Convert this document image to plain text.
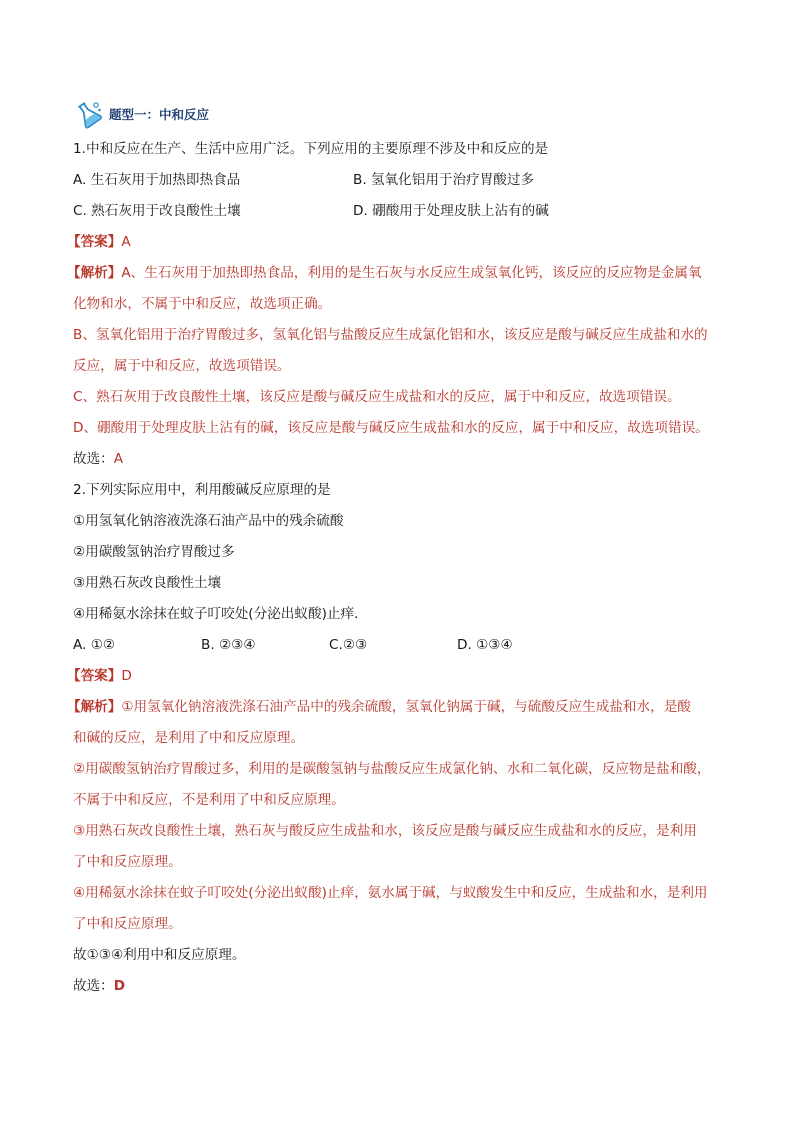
题型一：中和反应
1.中和反应在生产、生活中应用广泛。下列应用的主要原理不涉及中和反应的是
A. 生石灰用于加热即热食品	B. 氢氧化铝用于治疗胃酸过多
C. 熟石灰用于改良酸性土壤	D. 硼酸用于处理皮肤上沾有的碱
【答案】A
【解析】A、生石灰用于加热即热食品，利用的是生石灰与水反应生成氢氧化钙，该反应的反应物是金属氧
化物和水，不属于中和反应，故选项正确。
B、氢氧化铝用于治疗胃酸过多，氢氧化铝与盐酸反应生成氯化铝和水，该反应是酸与碱反应生成盐和水的
反应，属于中和反应，故选项错误。
C、熟石灰用于改良酸性土壤，该反应是酸与碱反应生成盐和水的反应，属于中和反应，故选项错误。
D、硼酸用于处理皮肤上沾有的碱，该反应是酸与碱反应生成盐和水的反应，属于中和反应，故选项错误。
故选：A
2.下列实际应用中，利用酸碱反应原理的是
①用氢氧化钠溶液洗涤石油产品中的残余硫酸
②用碳酸氢钠治疗胃酸过多
③用熟石灰改良酸性土壤
④用稀氨水涂抹在蚊子叮咬处(分泌出蚁酸)止痒．
A. ①②	B. ②③④	C.②③	D. ①③④
【答案】D
【解析】①用氢氧化钠溶液洗涤石油产品中的残余硫酸，氢氧化钠属于碱，与硫酸反应生成盐和水，是酸
和碱的反应，是利用了中和反应原理。
②用碳酸氢钠治疗胃酸过多，利用的是碳酸氢钠与盐酸反应生成氯化钠、水和二氧化碳，反应物是盐和酸，
不属于中和反应，不是利用了中和反应原理。
③用熟石灰改良酸性土壤，熟石灰与酸反应生成盐和水，该反应是酸与碱反应生成盐和水的反应，是利用
了中和反应原理。
④用稀氨水涂抹在蚊子叮咬处(分泌出蚁酸)止痒，氨水属于碱，与蚁酸发生中和反应，生成盐和水，是利用
了中和反应原理。
故①③④利用中和反应原理。
故选：D
